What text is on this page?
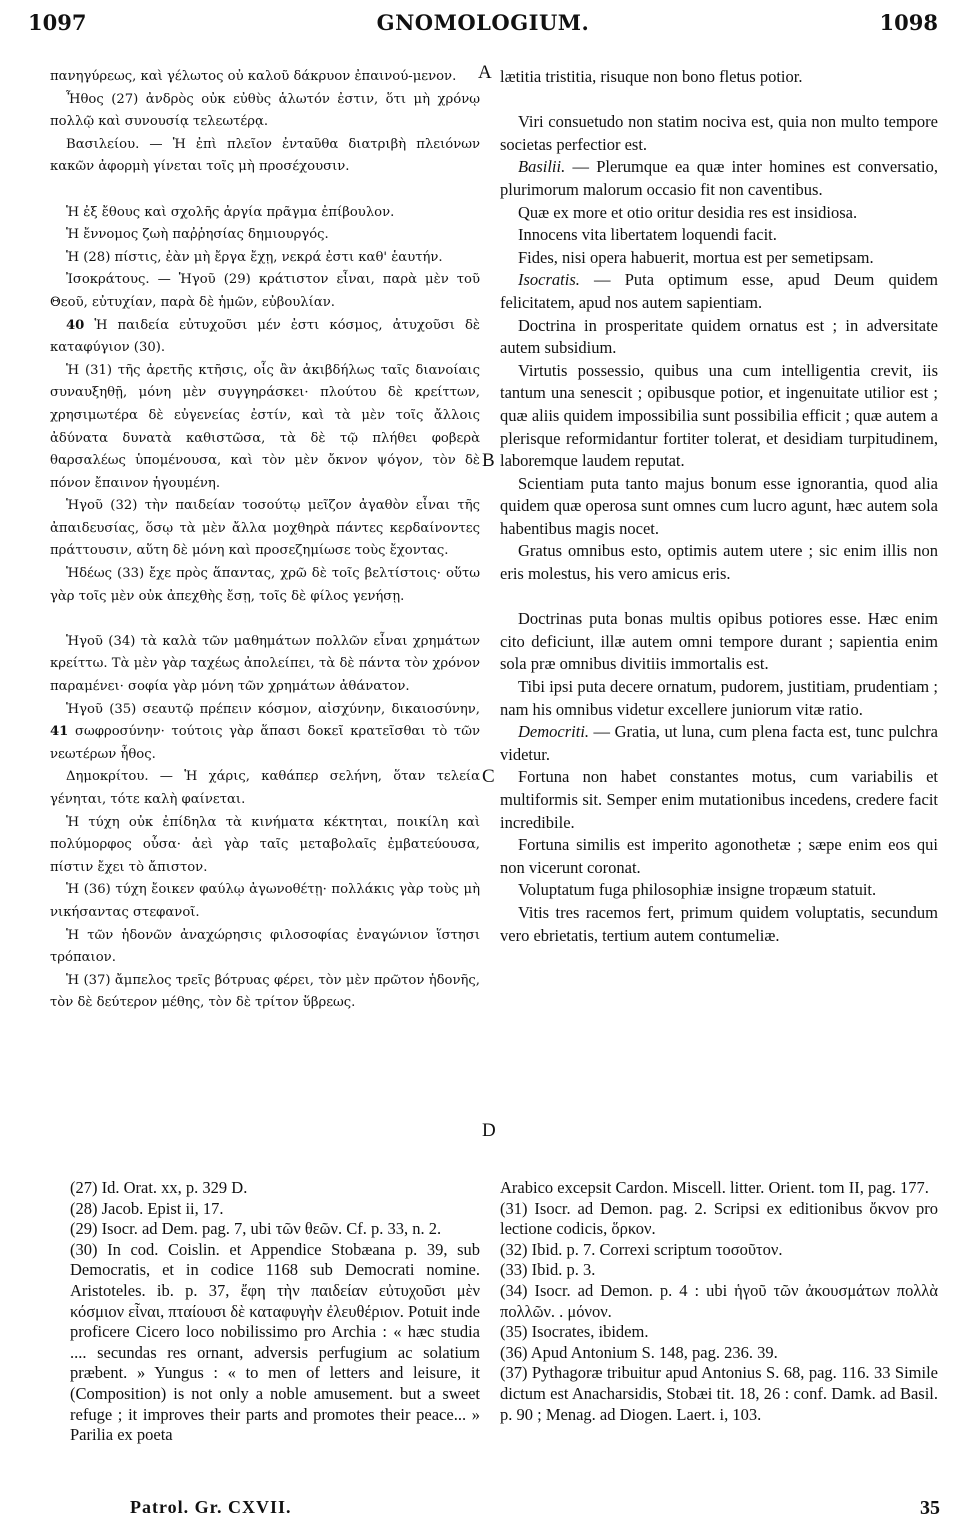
1097	GNOMOLOGIUM.	1098

πανηγύρεως, καὶ γέλωτος οὐ καλοῦ δάκρυον ἐπαινού-μενον.

Ἦθος (27) ἀνδρὸς οὐκ εὐθὺς ἁλωτόν ἐστιν, ὅτι μὴ χρόνῳ πολλῷ καὶ συνουσίᾳ τελεωτέρᾳ.

Βασιλείου. — Ἡ ἐπὶ πλεῖον ἐνταῦθα διατριβὴ πλειόνων κακῶν ἀφορμὴ γίνεται τοῖς μὴ προσέχουσιν.

Ἡ ἐξ ἔθους καὶ σχολῆς ἀργία πρᾶγμα ἐπίβουλον.

Ἡ ἔννομος ζωὴ παῤῥησίας δημιουργός.

Ἡ (28) πίστις, ἐὰν μὴ ἔργα ἔχῃ, νεκρά ἐστι καθ' ἑαυτήν.

Ἰσοκράτους. — Ἡγοῦ (29) κράτιστον εἶναι, παρὰ μὲν τοῦ Θεοῦ, εὐτυχίαν, παρὰ δὲ ἡμῶν, εὐβουλίαν.

40 Ἡ παιδεία εὐτυχοῦσι μέν ἐστι κόσμος, ἀτυχοῦσι δὲ καταφύγιον (30).

Ἡ (31) τῆς ἀρετῆς κτῆσις, οἷς ἂν ἀκιβδήλως ταῖς διανοίαις συναυξηθῇ, μόνη μὲν συγγηράσκει· πλούτου δὲ κρείττων, χρησιμωτέρα δὲ εὐγενείας ἐστίν, καὶ τὰ μὲν τοῖς ἄλλοις ἀδύνατα δυνατὰ καθιστῶσα, τὰ δὲ τῷ πλήθει φοβερὰ θαρσαλέως ὑπομένουσα, καὶ τὸν μὲν ὄκνον ψόγον, τὸν δὲ πόνον ἔπαινον ἡγουμένη.

Ἡγοῦ (32) τὴν παιδείαν τοσούτῳ μεῖζον ἀγαθὸν εἶναι τῆς ἀπαιδευσίας, ὅσῳ τὰ μὲν ἄλλα μοχθηρὰ πάντες κερδαίνοντες πράττουσιν, αὕτη δὲ μόνη καὶ προσεζημίωσε τοὺς ἔχοντας.

Ἡδέως (33) ἔχε πρὸς ἅπαντας, χρῶ δὲ τοῖς βελτίστοις· οὕτω γὰρ τοῖς μὲν οὐκ ἀπεχθὴς ἔσῃ, τοῖς δὲ φίλος γενήσῃ.

Ἡγοῦ (34) τὰ καλὰ τῶν μαθημάτων πολλῶν εἶναι χρημάτων κρείττω. Τὰ μὲν γὰρ ταχέως ἀπολείπει, τὰ δὲ πάντα τὸν χρόνον παραμένει· σοφία γὰρ μόνη τῶν χρημάτων ἀθάνατον.

Ἡγοῦ (35) σεαυτῷ πρέπειν κόσμον, αἰσχύνην, δικαιοσύνην, 41 σωφροσύνην· τούτοις γὰρ ἅπασι δοκεῖ κρατεῖσθαι τὸ τῶν νεωτέρων ἦθος.

Δημοκρίτου. — Ἡ χάρις, καθάπερ σελήνη, ὅταν τελεία γένηται, τότε καλὴ φαίνεται.

Ἡ τύχη οὐκ ἐπίδηλα τὰ κινήματα κέκτηται, ποικίλη καὶ πολύμορφος οὖσα· ἀεὶ γὰρ ταῖς μεταβολαῖς ἐμβατεύουσα, πίστιν ἔχει τὸ ἄπιστον.

Ἡ (36) τύχη ἔοικεν φαύλῳ ἀγωνοθέτῃ· πολλάκις γὰρ τοὺς μὴ νικήσαντας στεφανοῖ.

Ἡ τῶν ἡδονῶν ἀναχώρησις φιλοσοφίας ἐναγώνιον ἵστησι τρόπαιον.

Ἡ (37) ἄμπελος τρεῖς βότρυας φέρει, τὸν μὲν πρῶτον ἡδονῆς, τὸν δὲ δεύτερον μέθης, τὸν δὲ τρίτον ὕβρεως.

A
B
C
D

lætitia tristitia, risuque non bono fletus potior.

Viri consuetudo non statim nociva est, quia non multo tempore societas perfectior est.

Basilii. — Plerumque ea quæ inter homines est conversatio, plurimorum malorum occasio fit non caventibus.

Quæ ex more et otio oritur desidia res est insidiosa.

Innocens vita libertatem loquendi facit.

Fides, nisi opera habuerit, mortua est per semetipsam.

Isocratis. — Puta optimum esse, apud Deum quidem felicitatem, apud nos autem sapientiam.

Doctrina in prosperitate quidem ornatus est ; in adversitate autem subsidium.

Virtutis possessio, quibus una cum intelligentia crevit, iis tantum una senescit ; opibusque potior, et ingenuitate utilior est ; quæ aliis quidem impossibilia sunt possibilia efficit ; quæ autem a plerisque reformidantur fortiter tolerat, et desidiam turpitudinem, laboremque laudem reputat.

Scientiam puta tanto majus bonum esse ignorantia, quod alia quidem quæ operosa sunt omnes cum lucro agunt, hæc autem sola habentibus magis nocet.

Gratus omnibus esto, optimis autem utere ; sic enim illis non eris molestus, his vero amicus eris.

Doctrinas puta bonas multis opibus potiores esse. Hæc enim cito deficiunt, illæ autem omni tempore durant ; sapientia enim sola præ omnibus divitiis immortalis est.

Tibi ipsi puta decere ornatum, pudorem, justitiam, prudentiam ; nam his omnibus videtur excellere juniorum vitæ ratio.

Democriti. — Gratia, ut luna, cum plena facta est, tunc pulchra videtur.

Fortuna non habet constantes motus, cum variabilis et multiformis sit. Semper enim mutationibus incedens, credere facit incredibile.

Fortuna similis est imperito agonothetæ ; sæpe enim eos qui non vicerunt coronat.

Voluptatum fuga philosophiæ insigne tropæum statuit.

Vitis tres racemos fert, primum quidem voluptatis, secundum vero ebrietatis, tertium autem contumeliæ.

(27) Id. Orat. xx, p. 329 D.

(28) Jacob. Epist ii, 17.

(29) Isocr. ad Dem. pag. 7, ubi τῶν θεῶν. Cf. p. 33, n. 2.

(30) In cod. Coislin. et Appendice Stobæana p. 39, sub Democratis, et in codice 1168 sub Democrati nomine. Aristoteles. ib. p. 37, ἔφη τὴν παιδείαν εὐτυχοῦσι μὲν κόσμιον εἶναι, πταίουσι δὲ καταφυγὴν ἐλευθέριον. Potuit inde proficere Cicero loco nobilissimo pro Archia : « hæc studia .... secundas res ornant, adversis perfugium ac solatium præbent. » Yungus : « to men of letters and leisure, it (Composition) is not only a noble amusement. but a sweet refuge ; it improves their parts and promotes their peace... » Parilia ex poeta

Arabico excepsit Cardon. Miscell. litter. Orient. tom II, pag. 177.

(31) Isocr. ad Demon. pag. 2. Scripsi ex editionibus ὄκνον pro lectione codicis, ὅρκον.

(32) Ibid. p. 7. Correxi scriptum τοσοῦτον.

(33) Ibid. p. 3.

(34) Isocr. ad Demon. p. 4 : ubi ἡγοῦ τῶν ἀκουσμάτων πολλὰ πολλῶν. . μόνον.

(35) Isocrates, ibidem.

(36) Apud Antonium S. 148, pag. 236. 39.

(37) Pythagoræ tribuitur apud Antonius S. 68, pag. 116. 33 Simile dictum est Anacharsidis, Stobæi tit. 18, 26 : conf. Damk. ad Basil. p. 90 ; Menag. ad Diogen. Laert. i, 103.

Patrol. Gr. CXVII.	35
